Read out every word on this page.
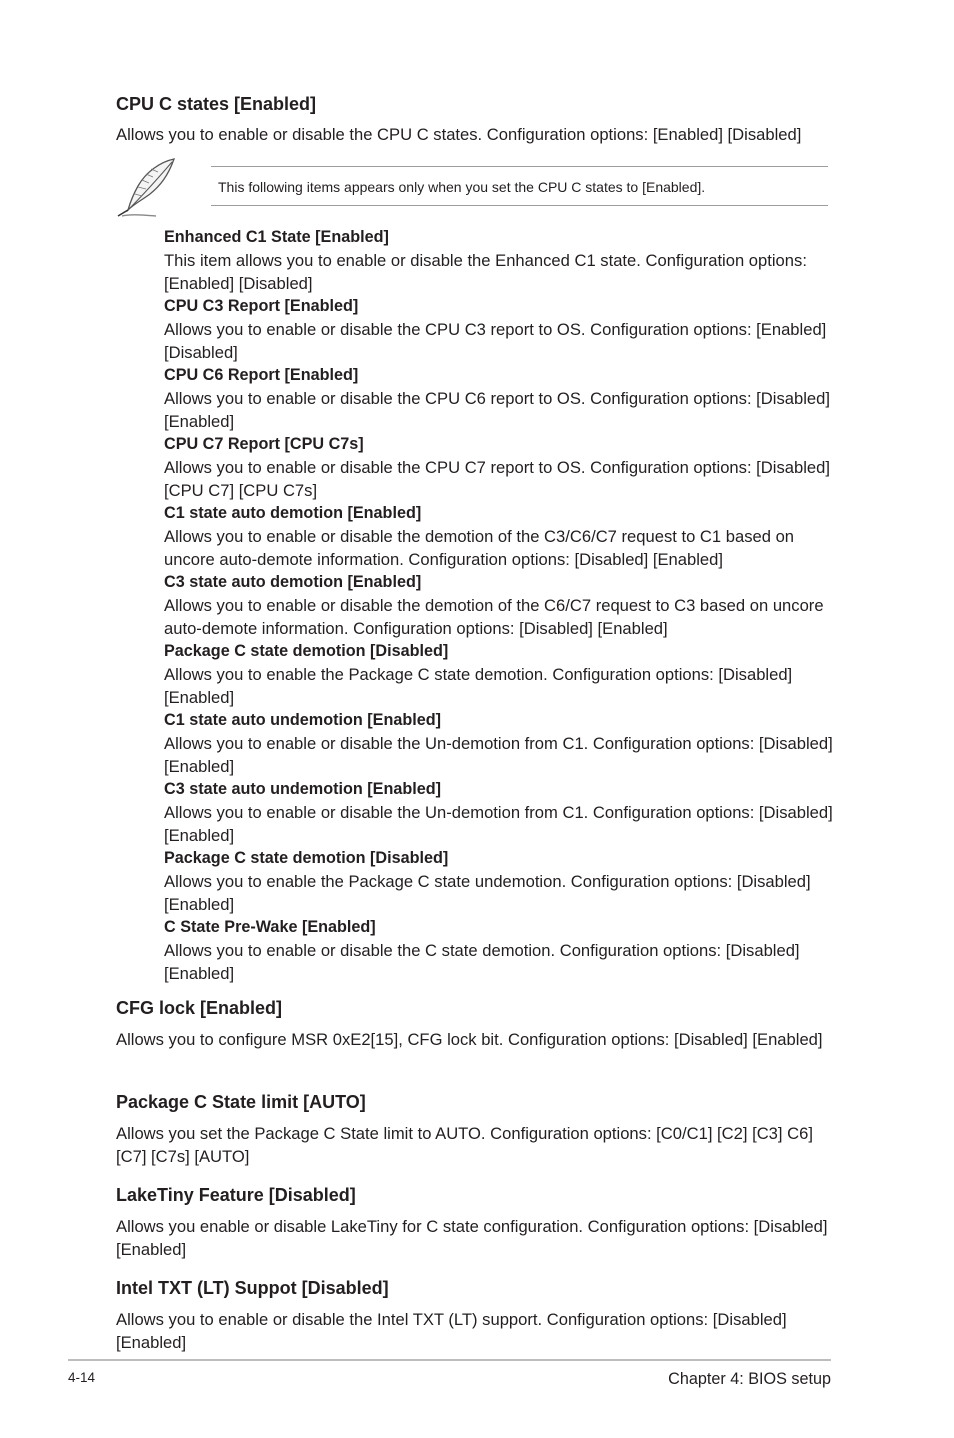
CPU C states [Enabled]

Allows you to enable or disable the CPU C states. Configuration options: [Enabled] [Disabled]

This following items appears only when you set the CPU C states to [Enabled].

Enhanced C1 State [Enabled]

This item allows you to enable or disable the Enhanced C1 state. Configuration options: [Enabled] [Disabled]

CPU C3 Report [Enabled]

Allows you to enable or disable the CPU C3 report to OS. Configuration options: [Enabled] [Disabled]

CPU C6 Report [Enabled]

Allows you to enable or disable the CPU C6 report to OS. Configuration options: [Disabled] [Enabled]

CPU C7 Report [CPU C7s]

Allows you to enable or disable the CPU C7 report to OS. Configuration options: [Disabled] [CPU C7] [CPU C7s]

C1 state auto demotion [Enabled]

Allows you to enable or disable the demotion of the C3/C6/C7 request to C1 based on uncore auto-demote information. Configuration options: [Disabled] [Enabled]

C3 state auto demotion [Enabled]

Allows you to enable or disable the demotion of the C6/C7 request to C3 based on uncore auto-demote information. Configuration options: [Disabled] [Enabled]

Package C state demotion [Disabled]

Allows you to enable the Package C state demotion. Configuration options: [Disabled] [Enabled]

C1 state auto undemotion [Enabled]

Allows you to enable or disable the Un-demotion from C1. Configuration options: [Disabled] [Enabled]

C3 state auto undemotion [Enabled]

Allows you to enable or disable the Un-demotion from C1. Configuration options: [Disabled] [Enabled]

Package C state demotion [Disabled]

Allows you to enable the Package C state undemotion. Configuration options: [Disabled] [Enabled]

C State Pre-Wake [Enabled]

Allows you to enable or disable the C state demotion. Configuration options: [Disabled] [Enabled]

CFG lock [Enabled]

Allows you to configure MSR 0xE2[15], CFG lock bit. Configuration options: [Disabled] [Enabled]

Package C State limit [AUTO]

Allows you set the Package C State limit to AUTO. Configuration options: [C0/C1] [C2] [C3] C6] [C7] [C7s] [AUTO]

LakeTiny Feature [Disabled]

Allows you enable or disable LakeTiny for C state configuration. Configuration options: [Disabled] [Enabled]

Intel TXT (LT) Suppot [Disabled]

Allows you to enable or disable the Intel TXT (LT) support. Configuration options: [Disabled] [Enabled]

4-14	Chapter 4: BIOS setup
